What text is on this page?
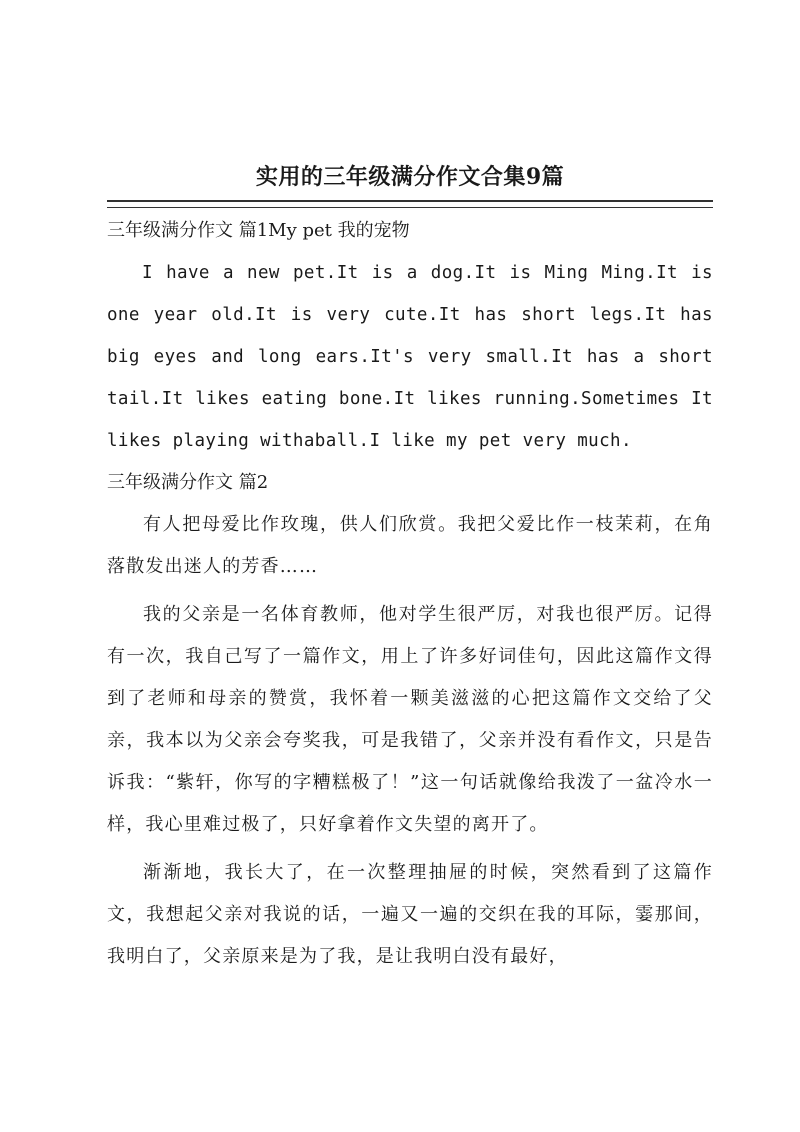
实用的三年级满分作文合集9篇

三年级满分作文 篇1My pet 我的宠物

I have a new pet.It is a dog.It is Ming Ming.It is one year old.It is very cute.It has short legs.It has big eyes and long ears.It's very small.It has a short tail.It likes eating bone.It likes running.Sometimes It likes playing withaball.I like my pet very much.

三年级满分作文 篇2

有人把母爱比作玫瑰，供人们欣赏。我把父爱比作一枝茉莉，在角落散发出迷人的芳香……

我的父亲是一名体育教师，他对学生很严厉，对我也很严厉。记得有一次，我自己写了一篇作文，用上了许多好词佳句，因此这篇作文得到了老师和母亲的赞赏，我怀着一颗美滋滋的心把这篇作文交给了父亲，我本以为父亲会夸奖我，可是我错了，父亲并没有看作文，只是告诉我：“紫轩，你写的字糟糕极了！”这一句话就像给我泼了一盆冷水一样，我心里难过极了，只好拿着作文失望的离开了。

渐渐地，我长大了，在一次整理抽屉的时候，突然看到了这篇作文，我想起父亲对我说的话，一遍又一遍的交织在我的耳际，霎那间，我明白了，父亲原来是为了我，是让我明白没有最好，
